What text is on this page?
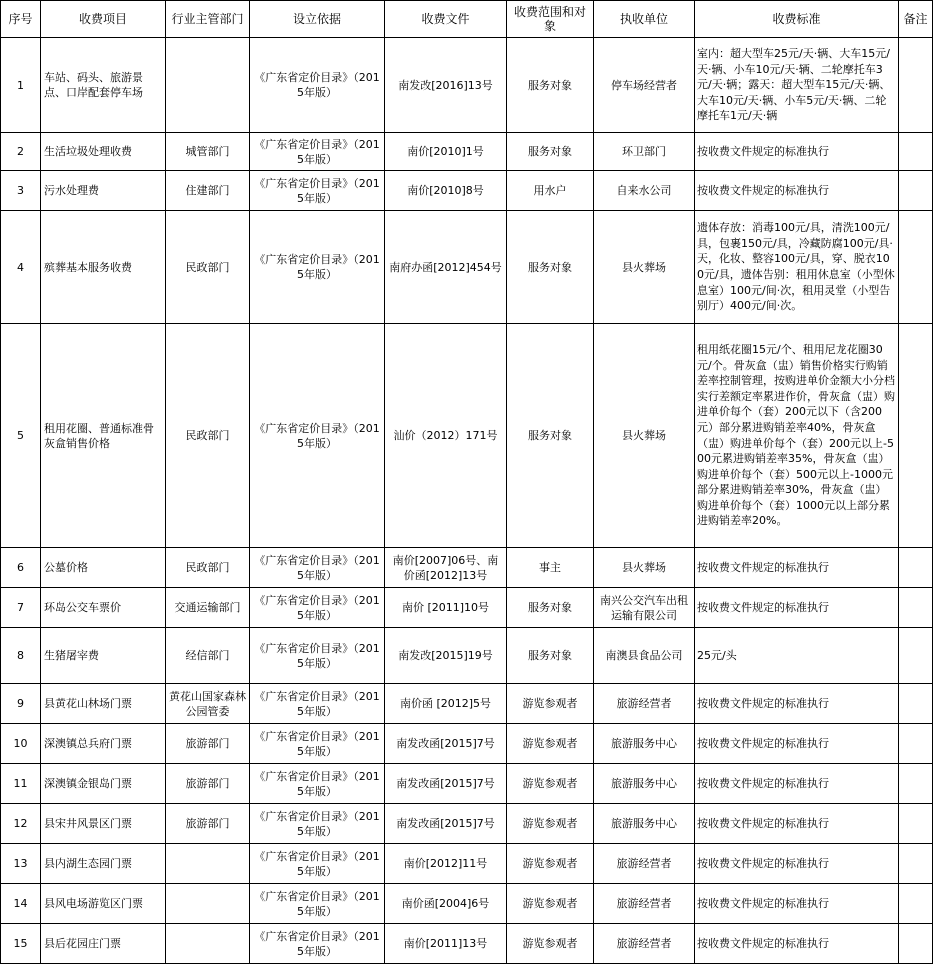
序号	收费项目	行业主管部门	设立依据	收费文件	收费范围和对象	执收单位	收费标准	备注
1	车站、码头、旅游景点、口岸配套停车场		《广东省定价目录》（2015年版）	南发改[2016]13号	服务对象	停车场经营者	室内：超大型车25元/天·辆、大车15元/天·辆、小车10元/天·辆、二轮摩托车3元/天·辆；露天：超大型车15元/天·辆、大车10元/天·辆、小车5元/天·辆、二轮摩托车1元/天·辆	
2	生活垃圾处理收费	城管部门	《广东省定价目录》（2015年版）	南价[2010]1号	服务对象	环卫部门	按收费文件规定的标准执行	
3	污水处理费	住建部门	《广东省定价目录》（2015年版）	南价[2010]8号	用水户	自来水公司	按收费文件规定的标准执行	
4	殡葬基本服务收费	民政部门	《广东省定价目录》（2015年版）	南府办函[2012]454号	服务对象	县火葬场	遗体存放：消毒100元/具，清洗100元/具，包裹150元/具，冷藏防腐100元/具·天，化妆、整容100元/具，穿、脱衣100元/具，遗体告别：租用休息室（小型休息室）100元/间·次，租用灵堂（小型告别厅）400元/间·次。	
5	租用花圈、普通标准骨灰盒销售价格	民政部门	《广东省定价目录》（2015年版）	汕价（2012）171号	服务对象	县火葬场	租用纸花圈15元/个、租用尼龙花圈30元/个。骨灰盒（盅）销售价格实行购销差率控制管理，按购进单价金额大小分档实行差额定率累进作价，骨灰盒（盅）购进单价每个（套）200元以下（含200元）部分累进购销差率40%，骨灰盒（盅）购进单价每个（套）200元以上-500元累进购销差率35%，骨灰盒（盅）购进单价每个（套）500元以上-1000元部分累进购销差率30%，骨灰盒（盅）购进单价每个（套）1000元以上部分累进购销差率20%。	
6	公墓价格	民政部门	《广东省定价目录》（2015年版）	南价[2007]06号、南价函[2012]13号	事主	县火葬场	按收费文件规定的标准执行	
7	环岛公交车票价	交通运输部门	《广东省定价目录》（2015年版）	南价 [2011]10号	服务对象	南兴公交汽车出租运输有限公司	按收费文件规定的标准执行	
8	生猪屠宰费	经信部门	《广东省定价目录》（2015年版）	南发改[2015]19号	服务对象	南澳县食品公司	25元/头	
9	县黄花山林场门票	黄花山国家森林公园管委	《广东省定价目录》（2015年版）	南价函 [2012]5号	游览参观者	旅游经营者	按收费文件规定的标准执行	
10	深澳镇总兵府门票	旅游部门	《广东省定价目录》（2015年版）	南发改函[2015]7号	游览参观者	旅游服务中心	按收费文件规定的标准执行	
11	深澳镇金银岛门票	旅游部门	《广东省定价目录》（2015年版）	南发改函[2015]7号	游览参观者	旅游服务中心	按收费文件规定的标准执行	
12	县宋井风景区门票	旅游部门	《广东省定价目录》（2015年版）	南发改函[2015]7号	游览参观者	旅游服务中心	按收费文件规定的标准执行	
13	县内湖生态园门票		《广东省定价目录》（2015年版）	南价[2012]11号	游览参观者	旅游经营者	按收费文件规定的标准执行	
14	县风电场游览区门票		《广东省定价目录》（2015年版）	南价函[2004]6号	游览参观者	旅游经营者	按收费文件规定的标准执行	
15	县后花园庄门票		《广东省定价目录》（2015年版）	南价[2011]13号	游览参观者	旅游经营者	按收费文件规定的标准执行	
